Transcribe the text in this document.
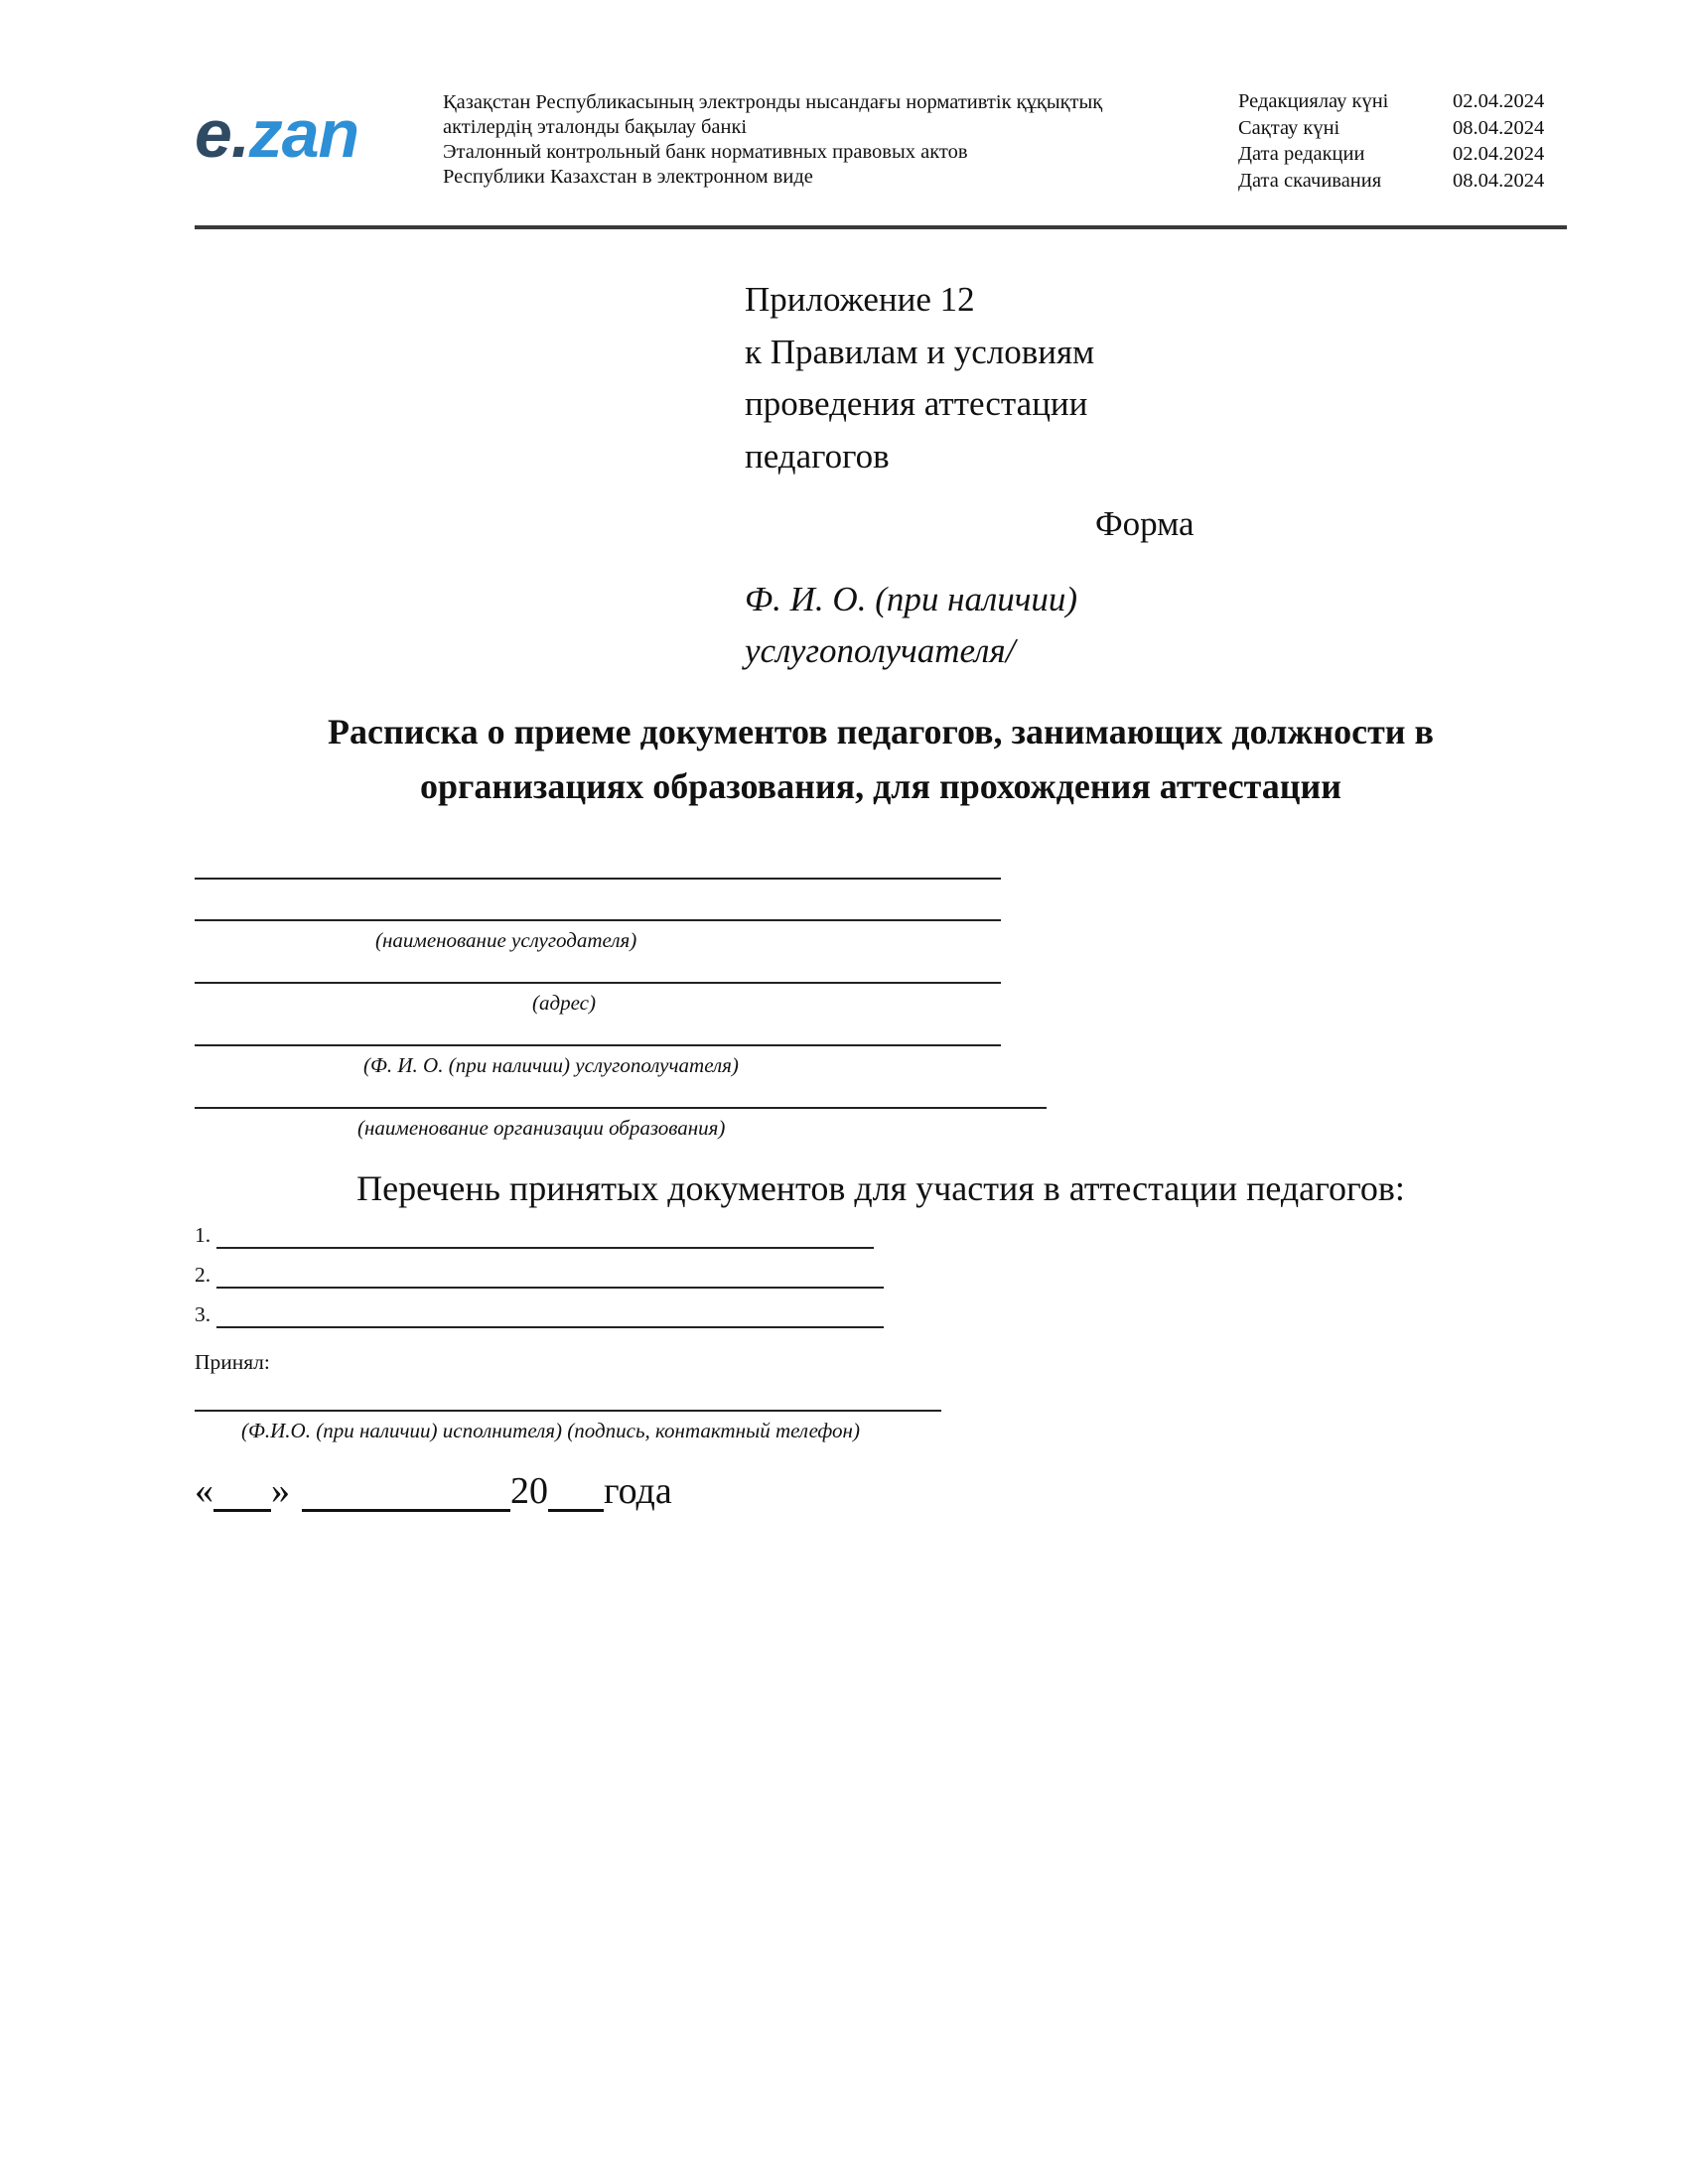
e.zan	Қазақстан Республикасының электронды нысандағы нормативтік құқықтық
актілердің эталонды бақылау банкі
Эталонный контрольный банк нормативных правовых актов
Республики Казахстан в электронном виде
Редакциялау күні	02.04.2024
Сақтау күні	08.04.2024
Дата редакции	02.04.2024
Дата скачивания	08.04.2024
Приложение 12
к Правилам и условиям
проведения аттестации
педагогов
Форма
Ф. И. О. (при наличии)
услугополучателя/
Расписка о приеме документов педагогов, занимающих должности в
организациях образования, для прохождения аттестации
(наименование услугодателя)
(адрес)
(Ф. И. О. (при наличии) услугополучателя)
(наименование организации образования)
Перечень принятых документов для участия в аттестации педагогов:
1.
2.
3.
Принял:
(Ф.И.О. (при наличии) исполнителя) (подпись, контактный телефон)
« »	20 года
